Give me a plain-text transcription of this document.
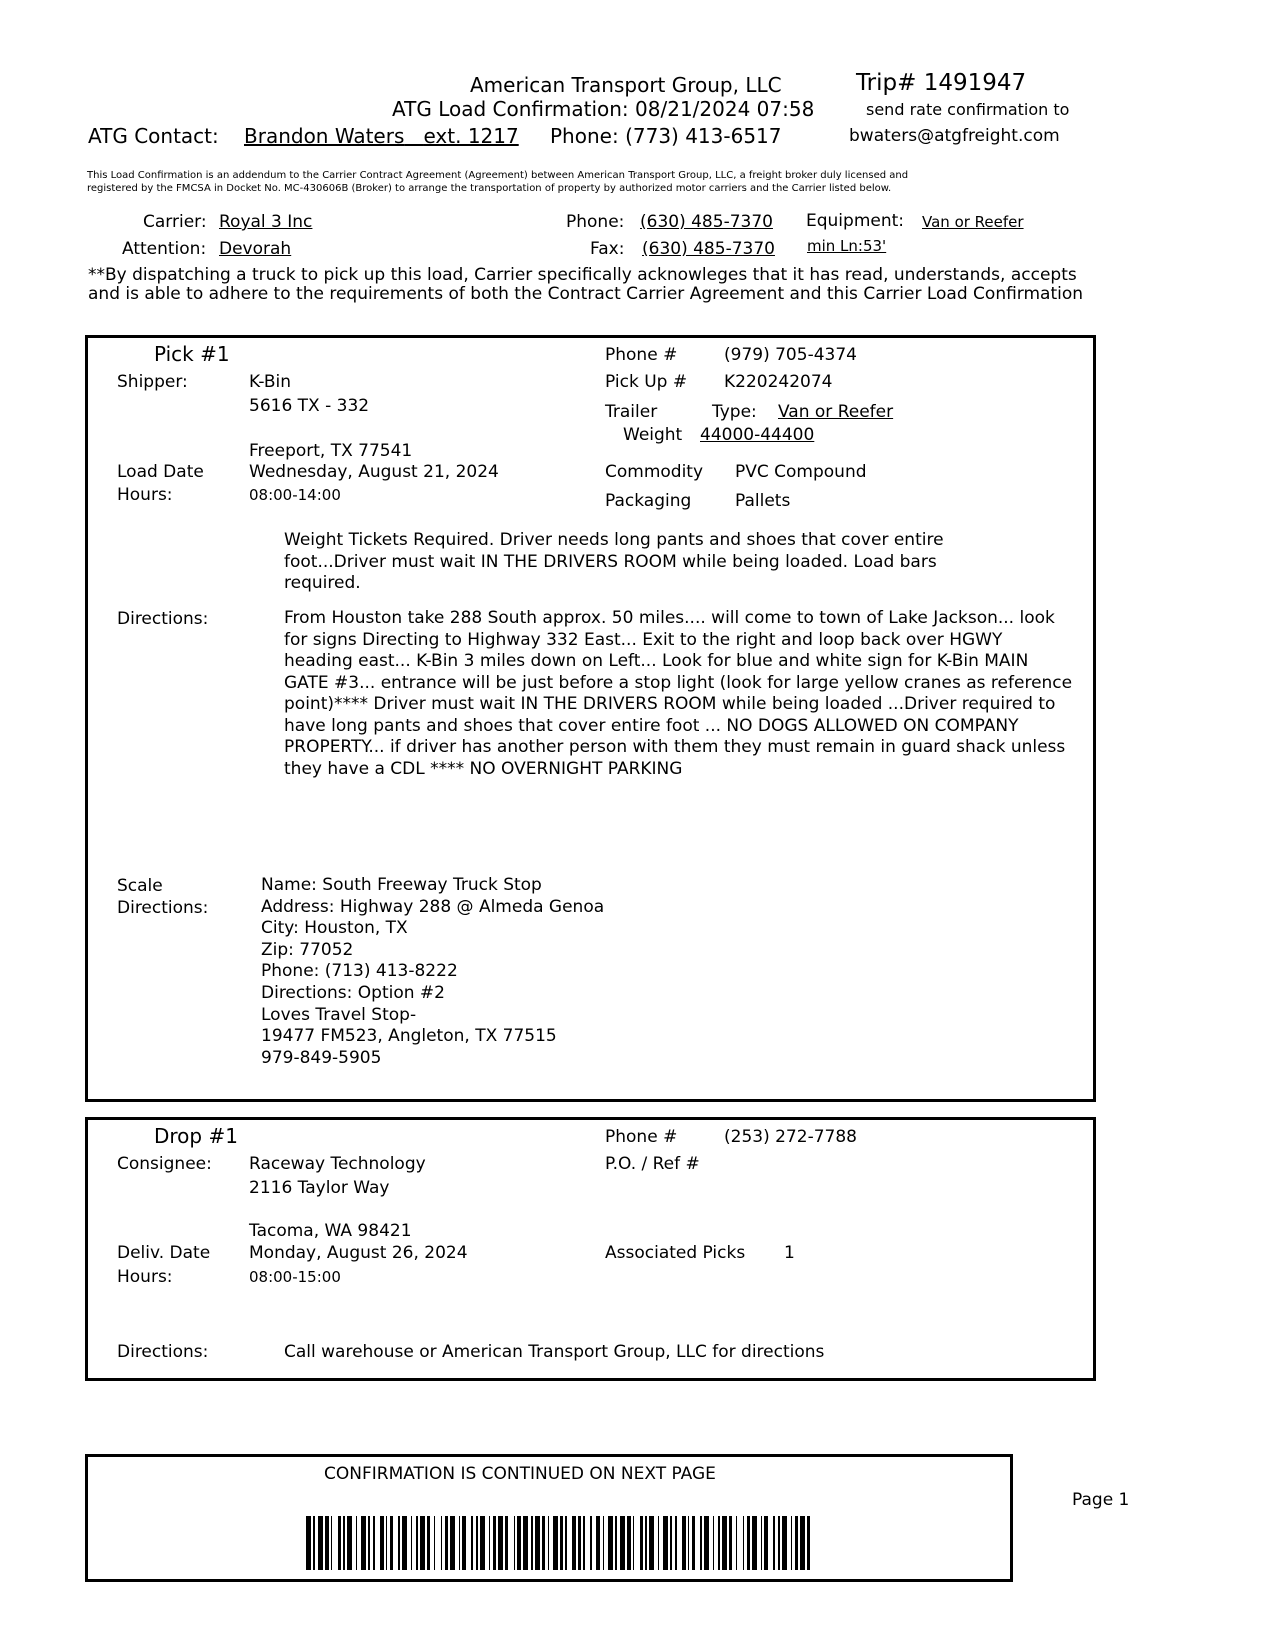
American Transport Group, LLC	Trip# 1491947
ATG Load Confirmation: 08/21/2024 07:58	send rate confirmation to
ATG Contact: Brandon Waters ext. 1217 Phone: (773) 413-6517	bwaters@atgfreight.com
This Load Confirmation is an addendum to the Carrier Contract Agreement (Agreement) between American Transport Group, LLC, a freight broker duly licensed and
registered by the FMCSA in Docket No. MC-430606B (Broker) to arrange the transportation of property by authorized motor carriers and the Carrier listed below.
Carrier: Royal 3 Inc
Attention: Devorah
Phone: (630) 485-7370
Fax: (630) 485-7370
Equipment: Van or Reefer
min Ln:53'
**By dispatching a truck to pick up this load, Carrier specifically acknowleges that it has read, understands, accepts
and is able to adhere to the requirements of both the Contract Carrier Agreement and this Carrier Load Confirmation
Pick #1
Shipper:	K-Bin
5616 TX - 332
Freeport, TX 77541
Load Date	Wednesday, August 21, 2024
Hours:	08:00-14:00
Phone #	(979) 705-4374
Pick Up # K220242074
Trailer	Type: Van or Reefer
Weight 44000-44400
Commodity PVC Compound
Packaging	Pallets
Weight Tickets Required. Driver needs long pants and shoes that cover entire foot...Driver must wait IN THE DRIVERS ROOM while being loaded. Load bars required.
Directions:	From Houston take 288 South approx. 50 miles.... will come to town of Lake Jackson... look for signs Directing to Highway 332 East... Exit to the right and loop back over HGWY heading east... K-Bin 3 miles down on Left... Look for blue and white sign for K-Bin MAIN GATE #3... entrance will be just before a stop light (look for large yellow cranes as reference point)**** Driver must wait IN THE DRIVERS ROOM while being loaded ...Driver required to have long pants and shoes that cover entire foot ... NO DOGS ALLOWED ON COMPANY PROPERTY... if driver has another person with them they must remain in guard shack unless they have a CDL **** NO OVERNIGHT PARKING
Scale
Directions:
Name: South Freeway Truck Stop
Address: Highway 288 @ Almeda Genoa
City: Houston, TX
Zip: 77052
Phone: (713) 413-8222
Directions: Option #2
Loves Travel Stop-
19477 FM523, Angleton, TX 77515
979-849-5905
Drop #1
Consignee: Raceway Technology
2116 Taylor Way
Tacoma, WA 98421
Deliv. Date Monday, August 26, 2024
Hours:	08:00-15:00
Phone #	(253) 272-7788
P.O. / Ref #
Associated Picks 1
Directions:	Call warehouse or American Transport Group, LLC for directions
CONFIRMATION IS CONTINUED ON NEXT PAGE
Page 1
